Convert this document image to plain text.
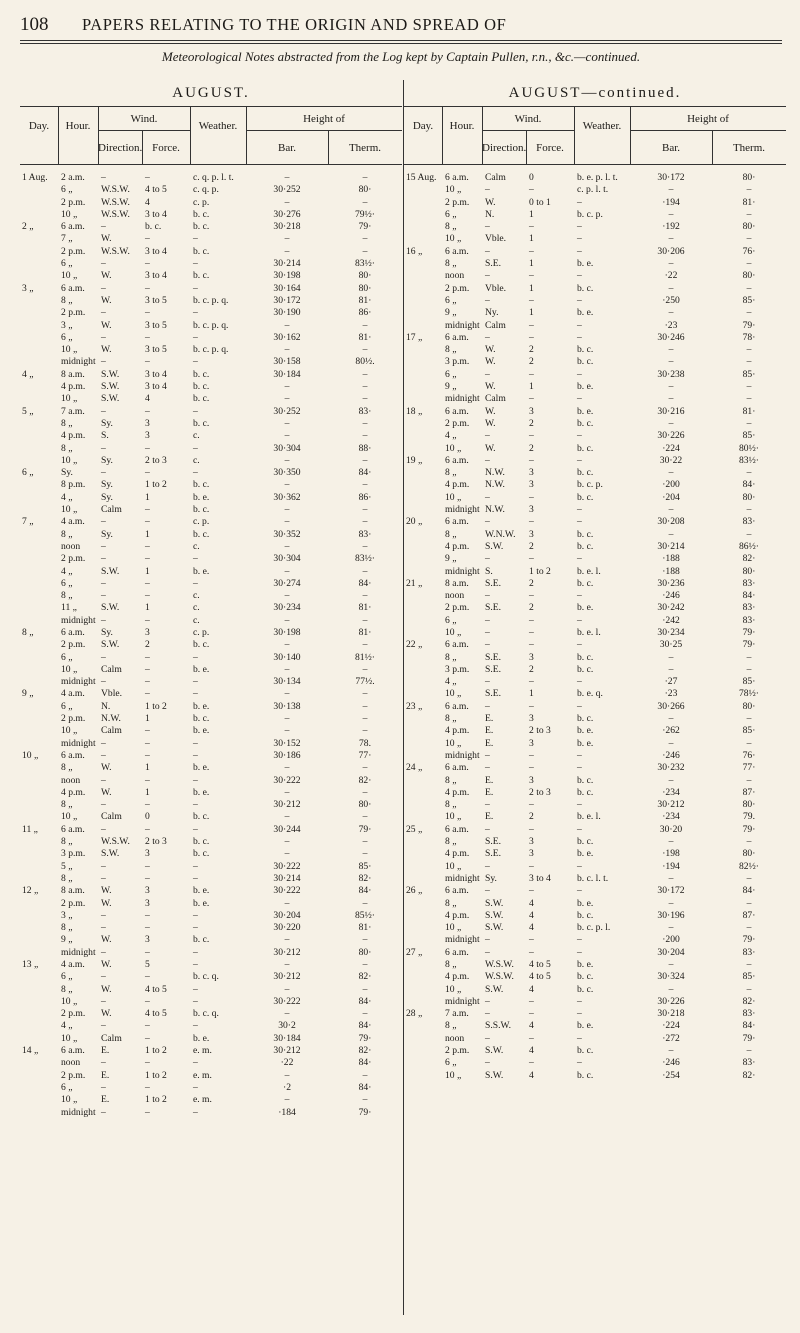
108 PAPERS RELATING TO THE ORIGIN AND SPREAD OF
Meteorological Notes abstracted from the Log kept by Captain Pullen, r.n., &c.—continued.
AUGUST.
Day.	Hour.
Wind.
Direction. Force.
Weather.
Height of
Bar.	Therm.
1 Aug.	2 a.m.	–	–	c. q. p. l. t.	–	–
6 „	W.S.W.	4 to 5	c. q. p.	30·252	80·
2 p.m.	W.S.W.	4	c. p.	–	–
10 „	W.S.W.	3 to 4	b. c.	30·276	79½·
2 „	6 a.m.	–	b. c.	b. c.	30·218	79·
7 „	W.	–	–	–	–
2 p.m.	W.S.W.	3 to 4	b. c.	–	–
6 „	–	–	–	30·214	83½·
10 „	W.	3 to 4	b. c.	30·198	80·
3 „	6 a.m.	–	–	–	30·164	80·
8 „	W.	3 to 5	b. c. p. q.	30·172	81·
2 p.m.	–	–	–	30·190	86·
3 „	W.	3 to 5	b. c. p. q.	–	–
6 „	–	–	–	30·162	81·
10 „	W.	3 to 5	b. c. p. q.	–	–
midnight –	–	–	30·158	80½.
4 „	8 a.m.	S.W.	3 to 4	b. c.	30·184	–
4 p.m.	S.W.	3 to 4	b. c.	–	–
10 „	S.W.	4	b. c.	–	–
5 „	7 a.m.	–	–	–	30·252	83·
8 „	Sy.	3	b. c.	–	–
4 p.m.	S.	3	c.	–	–
8 „	–	–	–	30·304	88·
10 „	Sy.	2 to 3	c.	–	–
6 „	Sy.	–	–	–	30·350	84·
8 p.m.	Sy.	1 to 2	b. c.	–	–
4 „	Sy.	1	b. e.	30·362	86·
10 „	Calm	–	b. c.	–	–
7 „	4 a.m.	–	–	c. p.	–	–
8 „	Sy.	1	b. c.	30·352	83·
noon	–	–	c.	–	–
2 p.m.	–	–	–	30·304	83½·
4 „	S.W.	1	b. e.	–	–
6 „	–	–	–	30·274	84·
8 „	–	–	c.	–	–
11 „	S.W.	1	c.	30·234	81·
midnight –	–	c.	–	–
8 „	6 a.m.	Sy.	3	c. p.	30·198	81·
2 p.m.	S.W.	2	b. c.	–	–
6 „	–	–	–	30·140	81½·
10 „	Calm	–	b. e.	–	–
midnight –	–	–	30·134	77½.
9 „	4 a.m.	Vble.	–	–	–	–
6 „	N.	1 to 2	b. e.	30·138	–
2 p.m.	N.W.	1	b. c.	–	–
10 „	Calm	–	b. e.	–	–
midnight –	–	–	30·152	78.
10 „	6 a.m.	–	–	–	30·186	77·
8 „	W.	1	b. e.	–	–
noon	–	–	–	30·222	82·
4 p.m.	W.	1	b. e.	–	–
8 „	–	–	–	30·212	80·
10 „	Calm	0	b. c.	–	–
11 „	6 a.m.	–	–	–	30·244	79·
8 „	W.S.W.	2 to 3	b. c.	–	–
3 p.m.	S.W.	3	b. c.	–	–
5 „	–	–	–	30·222	85·
8 „	–	–	–	30·214	82·
12 „	8 a.m.	W.	3	b. e.	30·222	84·
2 p.m.	W.	3	b. e.	–	–
3 „	–	–	–	30·204	85½·
8 „	–	–	–	30·220	81·
9 „	W.	3	b. c.	–	–
midnight –	–	–	30·212	80·
13 „	4 a.m.	W.	5	–	–	–
6 „	–	–	b. c. q.	30·212	82·
8 „	W.	4 to 5	–	–	–
10 „	–	–	–	30·222	84·
2 p.m.	W.	4 to 5	b. c. q.	–	–
4 „	–	–	–	30·2	84·
10 „	Calm	–	b. e.	30·184	79·
14 „	6 a.m.	E.	1 to 2	e. m.	30·212	82·
noon	–	–	–	·22	84·
2 p.m.	E.	1 to 2	e. m.	–	–
6 „	–	–	–	·2	84·
10 „	E.	1 to 2	e. m.	–	–
midnight –	–	–	·184	79·
AUGUST—continued.
Day.	Hour.
Wind.
Direction. Force.
Weather.
Height of
Bar.	Therm.
15 Aug. 6 a.m.	Calm	0	b. e. p. l. t.	30·172	80·
10 „	–	–	c. p. l. t.	–	–
2 p.m.	W.	0 to 1	–	·194	81·
6 „	N.	1	b. c. p.	–	–
8 „	–	–	–	·192	80·
10 „	Vble.	1	–	–	–
16 „	6 a.m.	–	–	–	30·206	76·
8 „	S.E.	1	b. e.	–	–
noon	–	–	–	·22	80·
2 p.m.	Vble.	1	b. c.	–	–
6 „	–	–	–	·250	85·
9 „	Ny.	1	b. e.	–	–
midnight Calm	–	–	·23	79·
17 „	6 a.m.	–	–	–	30·246	78·
8 „	W.	2	b. c.	–	–
3 p.m.	W.	2	b. c.	–	–
6 „	–	–	–	30·238	85·
9 „	W.	1	b. e.	–	–
midnight Calm	–	–	–	–
18 „	6 a.m.	W.	3	b. e.	30·216	81·
2 p.m.	W.	2	b. c.	–	–
4 „	–	–	–	30·226	85·
10 „	W.	2	b. c.	·224	80½·
19 „	6 a.m.	–	–	–	30·22	83½·
8 „	N.W.	3	b. c.	–	–
4 p.m.	N.W.	3	b. c. p.	·200	84·
10 „	–	–	b. c.	·204	80·
midnight N.W.	3	–	–	–
20 „	6 a.m.	–	–	–	30·208	83·
8 „	W.N.W.	3	b. c.	–	–
4 p.m.	S.W.	2	b. c.	30·214	86½·
9 „	–	–	–	·188	82·
midnight S.	1 to 2	b. e. l.	·188	80·
21 „	8 a.m.	S.E.	2	b. c.	30·236	83·
noon	–	–	–	·246	84·
2 p.m.	S.E.	2	b. e.	30·242	83·
6 „	–	–	–	·242	83·
10 „	–	–	b. e. l.	30·234	79·
22 „	6 a.m.	–	–	–	30·25	79·
8 „	S.E.	3	b. c.	–	–
3 p.m.	S.E.	2	b. c.	–	–
4 „	–	–	–	·27	85·
10 „	S.E.	1	b. e. q.	·23	78½·
23 „	6 a.m.	–	–	–	30·266	80·
8 „	E.	3	b. c.	–	–
4 p.m.	E.	2 to 3	b. e.	·262	85·
10 „	E.	3	b. e.	–	–
midnight –	–	–	·246	76·
24 „	6 a.m.	–	–	–	30·232	77·
8 „	E.	3	b. c.	–	–
4 p.m.	E.	2 to 3	b. c.	·234	87·
8 „	–	–	–	30·212	80·
10 „	E.	2	b. e. l.	·234	79.
25 „	6 a.m.	–	–	–	30·20	79·
8 „	S.E.	3	b. c.	–	–
4 p.m.	S.E.	3	b. e.	·198	80·
10 „	–	–	–	·194	82½·
midnight Sy.	3 to 4	b. c. l. t.	–	–
26 „	6 a.m.	–	–	–	30·172	84·
8 „	S.W.	4	b. e.	–	–
4 p.m.	S.W.	4	b. c.	30·196	87·
10 „	S.W.	4	b. c. p. l.	–	–
midnight –	–	–	·200	79·
27 „	6 a.m.	–	–	–	30·204	83·
8 „	W.S.W.	4 to 5	b. e.	–	–
4 p.m.	W.S.W.	4 to 5	b. c.	30·324	85·
10 „	S.W.	4	b. c.	–	–
midnight –	–	–	30·226	82·
28 „	7 a.m.	–	–	–	30·218	83·
8 „	S.S.W.	4	b. e.	·224	84·
noon	–	–	–	·272	79·
2 p.m.	S.W.	4	b. c.	–	–
6 „	–	–	–	·246	83·
10 „	S.W.	4	b. c.	·254	82·
